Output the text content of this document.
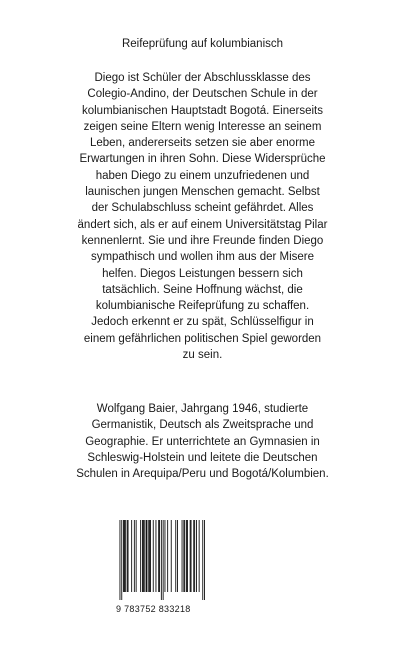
Reifeprüfung auf kolumbianisch
Diego ist Schüler der Abschlussklasse des
Colegio-Andino, der Deutschen Schule in der
kolumbianischen Hauptstadt Bogotá. Einerseits
zeigen seine Eltern wenig Interesse an seinem
Leben, andererseits setzen sie aber enorme
Erwartungen in ihren Sohn. Diese Widersprüche
haben Diego zu einem unzufriedenen und
launischen jungen Menschen gemacht. Selbst
der Schulabschluss scheint gefährdet. Alles
ändert sich, als er auf einem Universitätstag Pilar
kennenlernt. Sie und ihre Freunde finden Diego
sympathisch und wollen ihm aus der Misere
helfen. Diegos Leistungen bessern sich
tatsächlich. Seine Hoffnung wächst, die
kolumbianische Reifeprüfung zu schaffen.
Jedoch erkennt er zu spät, Schlüsselfigur in
einem gefährlichen politischen Spiel geworden
zu sein.
Wolfgang Baier, Jahrgang 1946, studierte
Germanistik, Deutsch als Zweitsprache und
Geographie. Er unterrichtete an Gymnasien in
Schleswig-Holstein und leitete die Deutschen
Schulen in Arequipa/Peru und Bogotá/Kolumbien.
9 783752 833218
